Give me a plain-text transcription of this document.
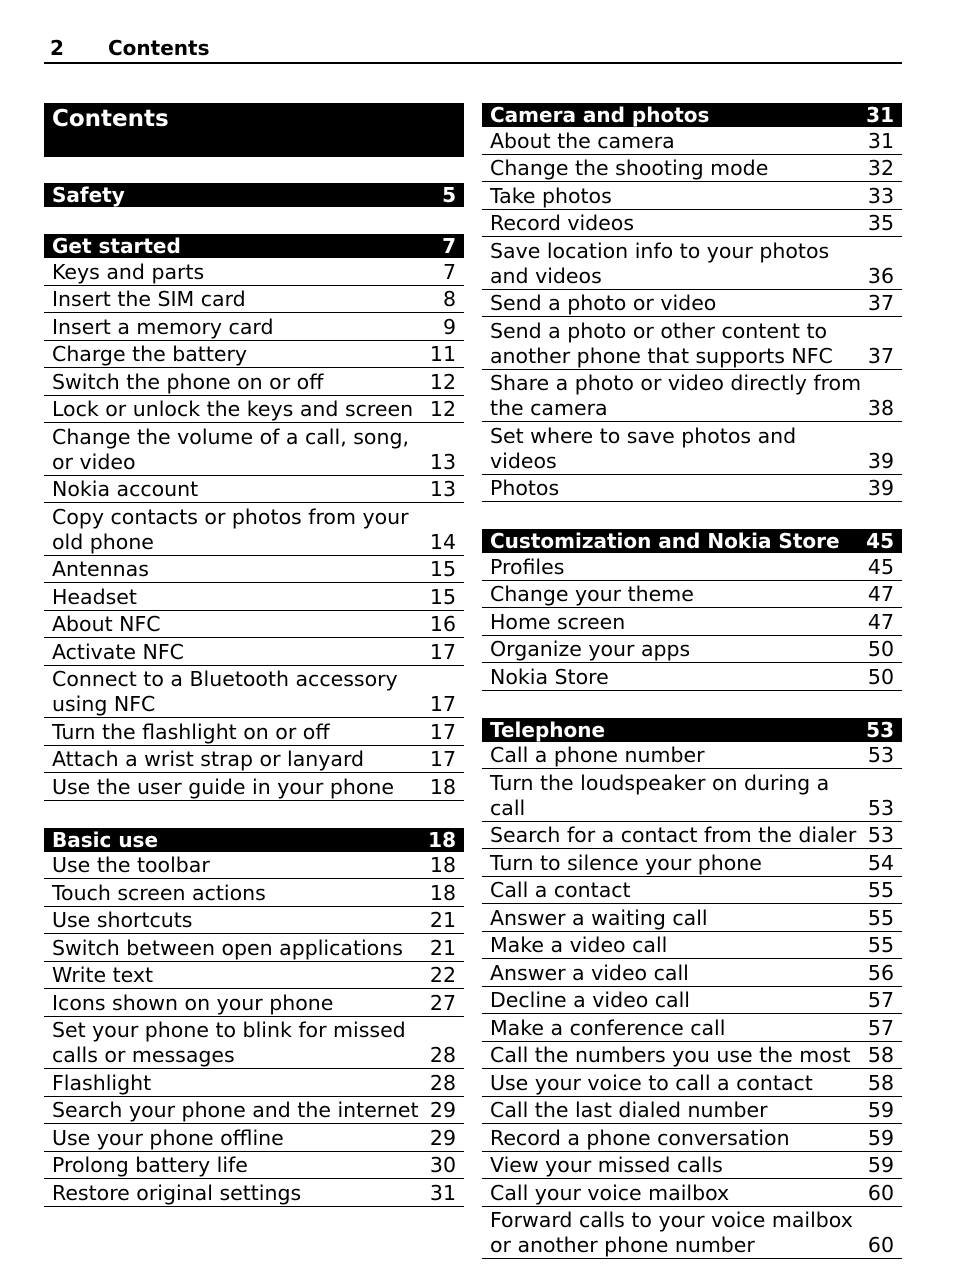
2 Contents
Contents
Safety	5
Get started	7
Keys and parts	7
Insert the SIM card	8
Insert a memory card	9
Charge the battery	11
Switch the phone on or off	12
Lock or unlock the keys and screen 12
Change the volume of a call, song, or video	13
Nokia account	13
Copy contacts or photos from your old phone	14
Antennas	15
Headset	15
About NFC	16
Activate NFC	17
Connect to a Bluetooth accessory using NFC	17
Turn the flashlight on or off	17
Attach a wrist strap or lanyard	17
Use the user guide in your phone	18
Basic use	18
Use the toolbar	18
Touch screen actions	18
Use shortcuts	21
Switch between open applications	21
Write text	22
Icons shown on your phone	27
Set your phone to blink for missed calls or messages	28
Flashlight	28
Search your phone and the internet 29
Use your phone offline	29
Prolong battery life	30
Restore original settings	31
Camera and photos	31
About the camera	31
Change the shooting mode	32
Take photos	33
Record videos	35
Save location info to your photos and videos	36
Send a photo or video	37
Send a photo or other content to another phone that supports NFC	37
Share a photo or video directly from the camera	38
Set where to save photos and videos	39
Photos	39
Customization and Nokia Store 45
Profiles	45
Change your theme	47
Home screen	47
Organize your apps	50
Nokia Store	50
Telephone	53
Call a phone number	53
Turn the loudspeaker on during a call	53
Search for a contact from the dialer 53
Turn to silence your phone	54
Call a contact	55
Answer a waiting call	55
Make a video call	55
Answer a video call	56
Decline a video call	57
Make a conference call	57
Call the numbers you use the most 58
Use your voice to call a contact	58
Call the last dialed number	59
Record a phone conversation	59
View your missed calls	59
Call your voice mailbox	60
Forward calls to your voice mailbox or another phone number	60
